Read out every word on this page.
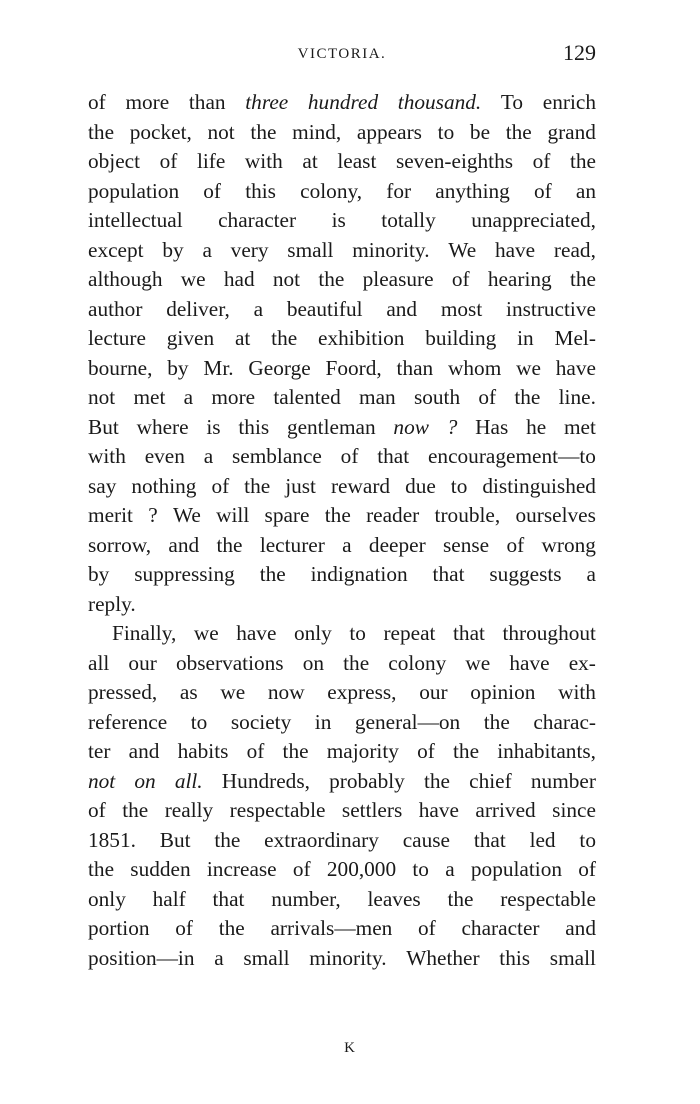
VICTORIA.	129
of more than three hundred thousand. To enrich
the pocket, not the mind, appears to be the grand
object of life with at least seven-eighths of the
population of this colony, for anything of an
intellectual character is totally unappreciated,
except by a very small minority. We have read,
although we had not the pleasure of hearing the
author deliver, a beautiful and most instructive
lecture given at the exhibition building in Mel-
bourne, by Mr. George Foord, than whom we have
not met a more talented man south of the line.
But where is this gentleman now ? Has he met
with even a semblance of that encouragement—to
say nothing of the just reward due to distinguished
merit ? We will spare the reader trouble, ourselves
sorrow, and the lecturer a deeper sense of wrong
by suppressing the indignation that suggests a
reply.
Finally, we have only to repeat that throughout
all our observations on the colony we have ex-
pressed, as we now express, our opinion with
reference to society in general—on the charac-
ter and habits of the majority of the inhabitants,
not on all. Hundreds, probably the chief number
of the really respectable settlers have arrived since
1851. But the extraordinary cause that led to
the sudden increase of 200,000 to a population of
only half that number, leaves the respectable
portion of the arrivals—men of character and
position—in a small minority. Whether this small
K
